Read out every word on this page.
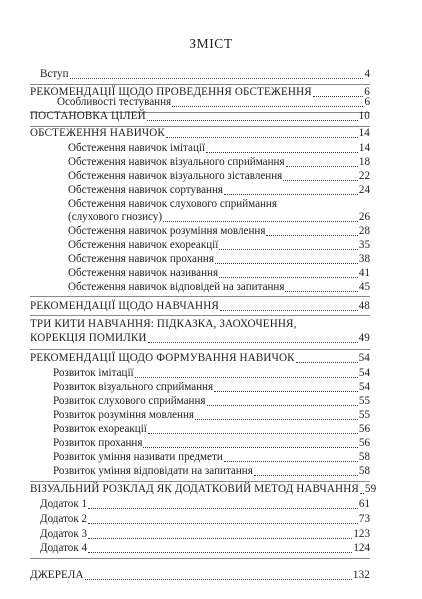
ЗМІСТ
Вступ	4
РЕКОМЕНДАЦІЇ ЩОДО ПРОВЕДЕННЯ ОБСТЕЖЕННЯ	6
Особливості тестування	6
ПОСТАНОВКА ЦІЛЕЙ	10
ОБСТЕЖЕННЯ НАВИЧОК	14
Обстеження навичок імітації	14
Обстеження навичок візуального сприймання	18
Обстеження навичок візуального зіставлення	22
Обстеження навичок сортування	24
Обстеження навичок слухового сприймання
(слухового гнозису)	26
Обстеження навичок розуміння мовлення	28
Обстеження навичок ехореакції	35
Обстеження навичок прохання	38
Обстеження навичок називання	41
Обстеження навичок відповідей на запитання	45
РЕКОМЕНДАЦІЇ ЩОДО НАВЧАННЯ	48
ТРИ КИТИ НАВЧАННЯ: ПІДКАЗКА, ЗАОХОЧЕННЯ,
КОРЕКЦІЯ ПОМИЛКИ	49
РЕКОМЕНДАЦІЇ ЩОДО ФОРМУВАННЯ НАВИЧОК	54
Розвиток імітації	54
Розвиток візуального сприймання	54
Розвиток слухового сприймання	55
Розвиток розуміння мовлення	55
Розвиток ехореакції	56
Розвиток прохання	56
Розвиток уміння називати предмети	58
Розвиток уміння відповідати на запитання	58
ВІЗУАЛЬНИЙ РОЗКЛАД ЯК ДОДАТКОВИЙ МЕТОД НАВЧАННЯ 59
Додаток 1	61
Додаток 2	73
Додаток 3	123
Додаток 4	124
ДЖЕРЕЛА	132
